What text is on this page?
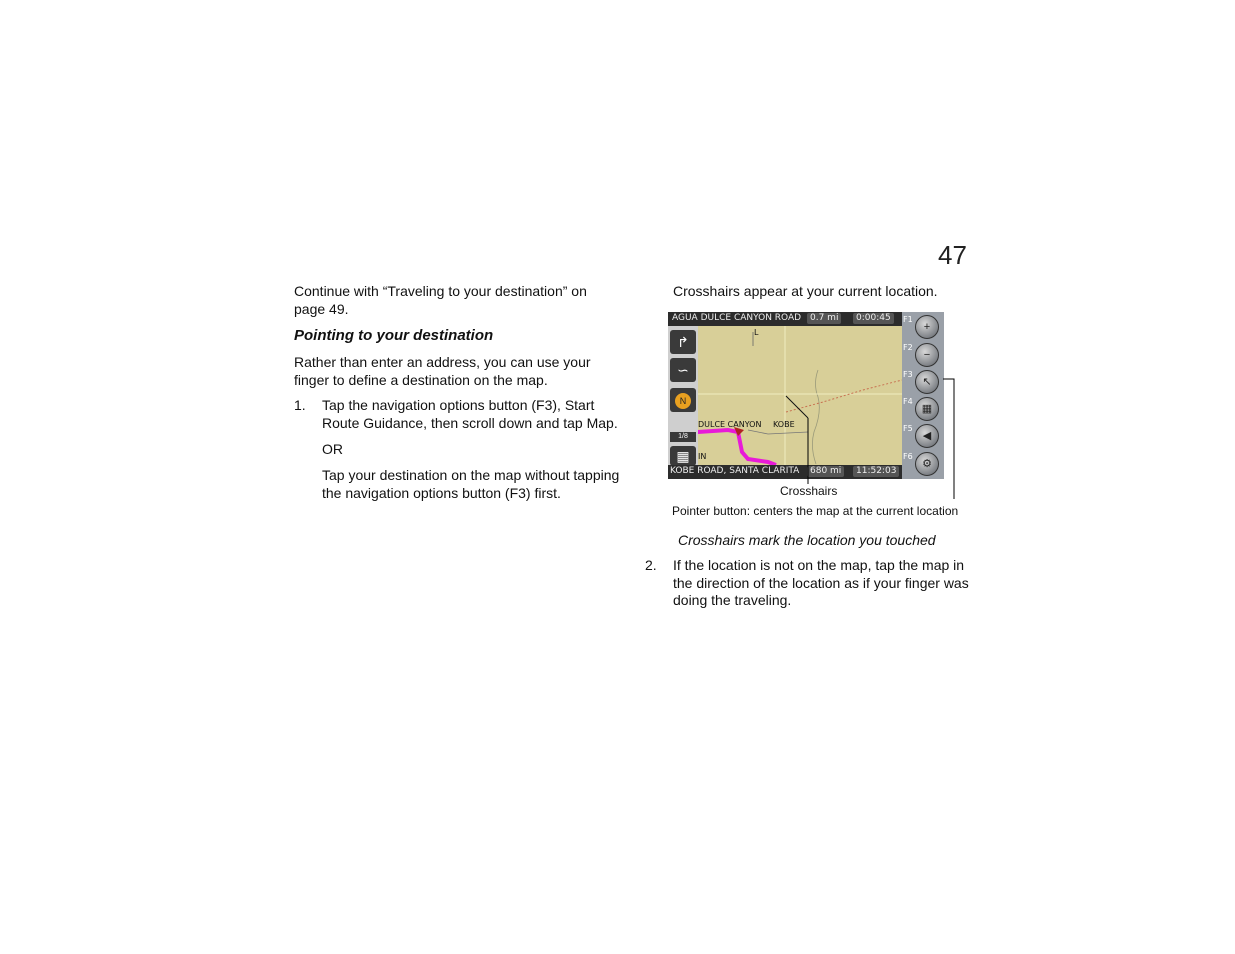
47
Continue with “Traveling to your destination” on page 49.
Pointing to your destination
Rather than enter an address, you can use your finger to define a destination on the map.
1. Tap the navigation options button (F3), Start Route Guidance, then scroll down and tap Map.
OR
Tap your destination on the map without tapping the navigation options button (F3) first.
Crosshairs appear at your current location.
DULCE CANYON KOBE
IN
L
AGUA DULCE CANYON ROAD 0.7 mi	0:00:45
↱
∽
N
1/8
▦
KOBE ROAD, SANTA CLARITA	680 mi	11:52:03
F1
+
F2
−
F3
↖
F4
▦
F5
◀
F6
⚙
Crosshairs
Pointer button: centers the map at the current location
Crosshairs mark the location you touched
2. If the location is not on the map, tap the map in the direction of the location as if your finger was doing the traveling.
